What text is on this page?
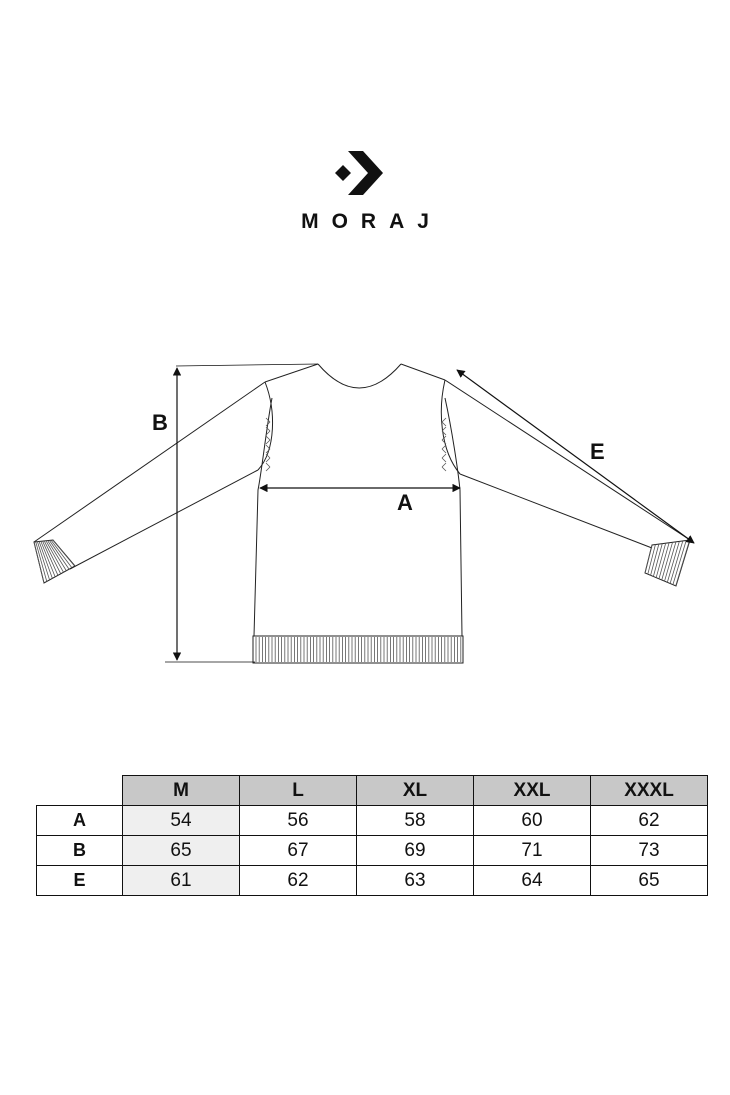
MORAJ
B
A
E
	M	L	XL	XXL	XXXL
A	54	56	58	60	62
B	65	67	69	71	73
E	61	62	63	64	65
